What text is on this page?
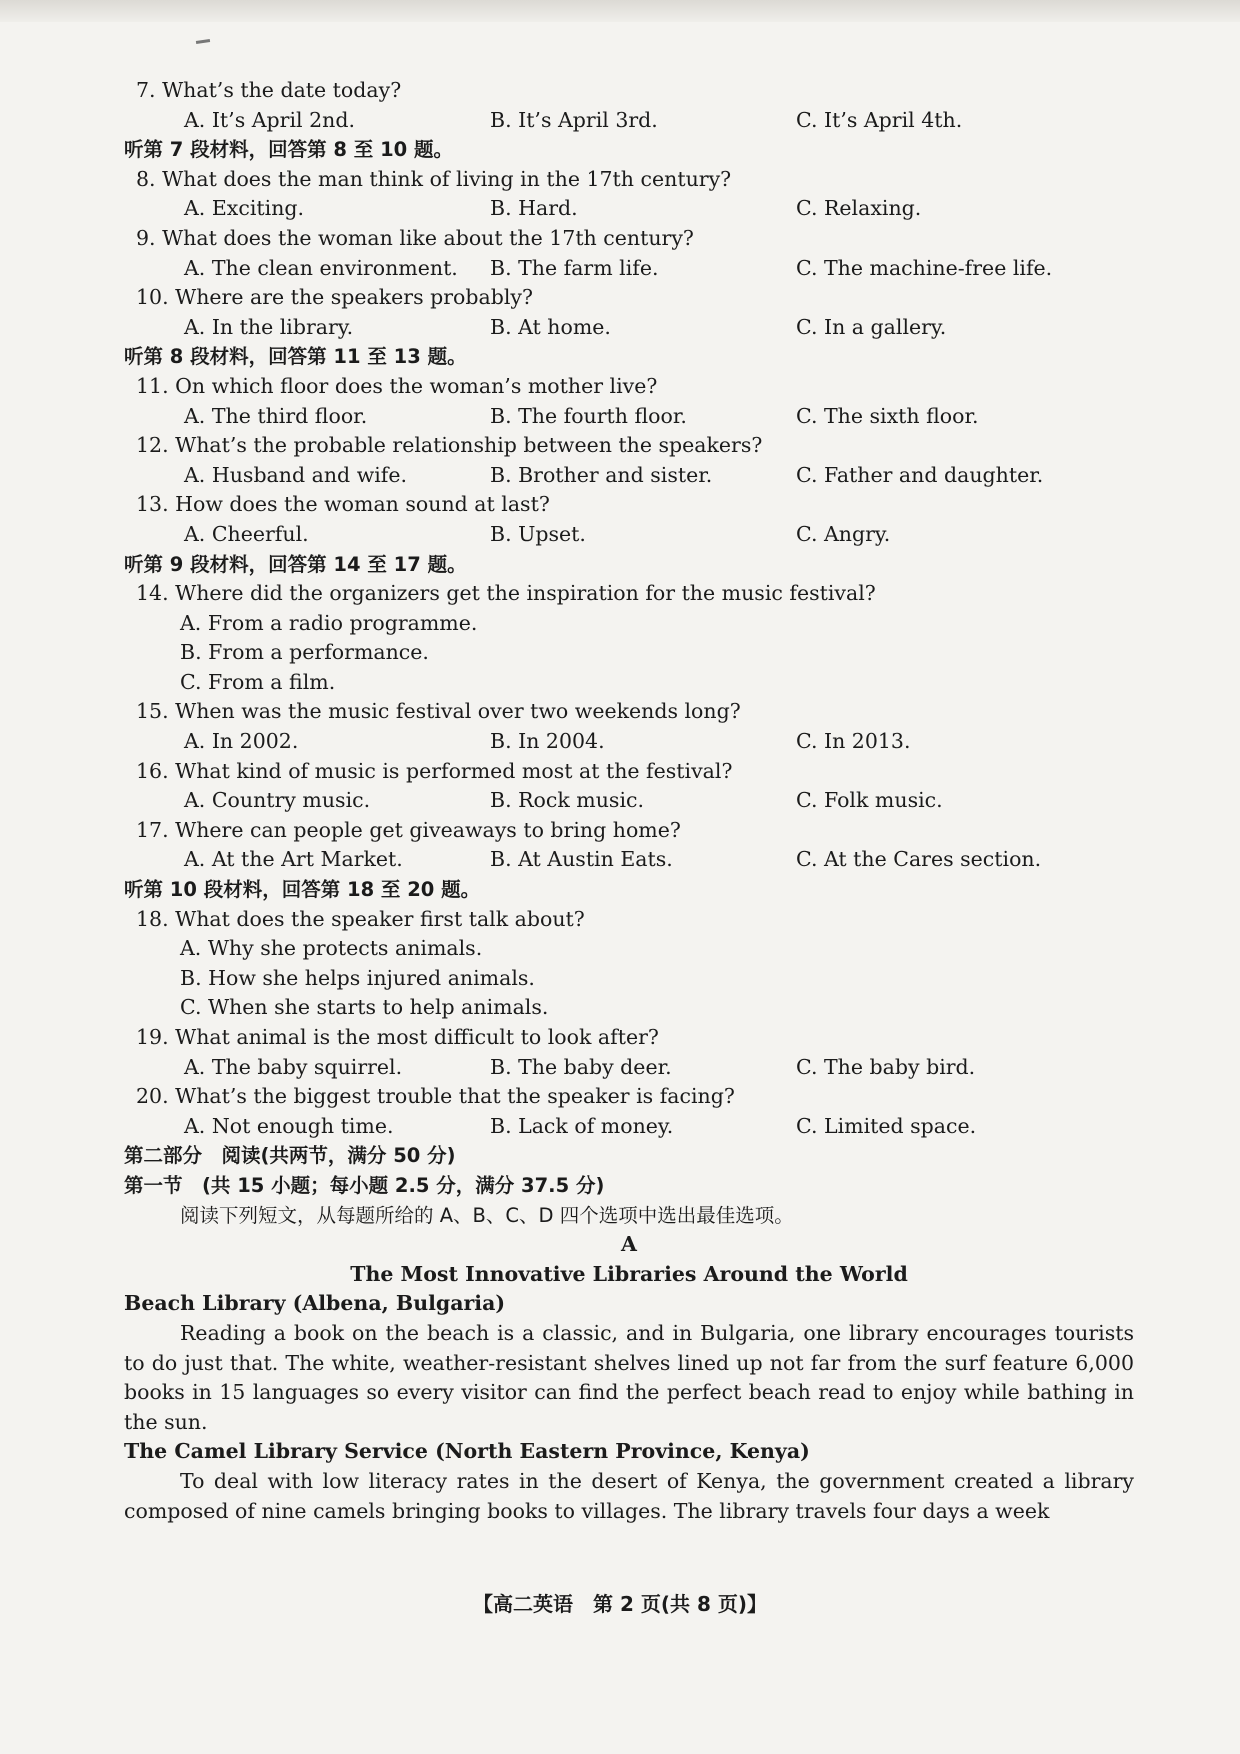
7. What’s the date today?
A. It’s April 2nd.	B. It’s April 3rd.	C. It’s April 4th.
听第 7 段材料，回答第 8 至 10 题。
8. What does the man think of living in the 17th century?
A. Exciting.	B. Hard.	C. Relaxing.
9. What does the woman like about the 17th century?
A. The clean environment. B. The farm life.	C. The machine-free life.
10. Where are the speakers probably?
A. In the library.	B. At home.	C. In a gallery.
听第 8 段材料，回答第 11 至 13 题。
11. On which floor does the woman’s mother live?
A. The third floor.	B. The fourth floor.	C. The sixth floor.
12. What’s the probable relationship between the speakers?
A. Husband and wife.	B. Brother and sister.	C. Father and daughter.
13. How does the woman sound at last?
A. Cheerful.	B. Upset.	C. Angry.
听第 9 段材料，回答第 14 至 17 题。
14. Where did the organizers get the inspiration for the music festival?
A. From a radio programme.
B. From a performance.
C. From a film.
15. When was the music festival over two weekends long?
A. In 2002.	B. In 2004.	C. In 2013.
16. What kind of music is performed most at the festival?
A. Country music.	B. Rock music.	C. Folk music.
17. Where can people get giveaways to bring home?
A. At the Art Market.	B. At Austin Eats.	C. At the Cares section.
听第 10 段材料，回答第 18 至 20 题。
18. What does the speaker first talk about?
A. Why she protects animals.
B. How she helps injured animals.
C. When she starts to help animals.
19. What animal is the most difficult to look after?
A. The baby squirrel.	B. The baby deer.	C. The baby bird.
20. What’s the biggest trouble that the speaker is facing?
A. Not enough time.	B. Lack of money.	C. Limited space.
第二部分　阅读(共两节，满分 50 分)
第一节　(共 15 小题；每小题 2.5 分，满分 37.5 分)
阅读下列短文，从每题所给的 A、B、C、D 四个选项中选出最佳选项。
A
The Most Innovative Libraries Around the World
Beach Library (Albena, Bulgaria)

Reading a book on the beach is a classic, and in Bulgaria, one library encourages tourists to do just that. The white, weather-resistant shelves lined up not far from the surf feature 6,000 books in 15 languages so every visitor can find the perfect beach read to enjoy while bathing in the sun.

The Camel Library Service (North Eastern Province, Kenya)

To deal with low literacy rates in the desert of Kenya, the government created a library composed of nine camels bringing books to villages. The library travels four days a week

【高二英语　第 2 页(共 8 页)】
